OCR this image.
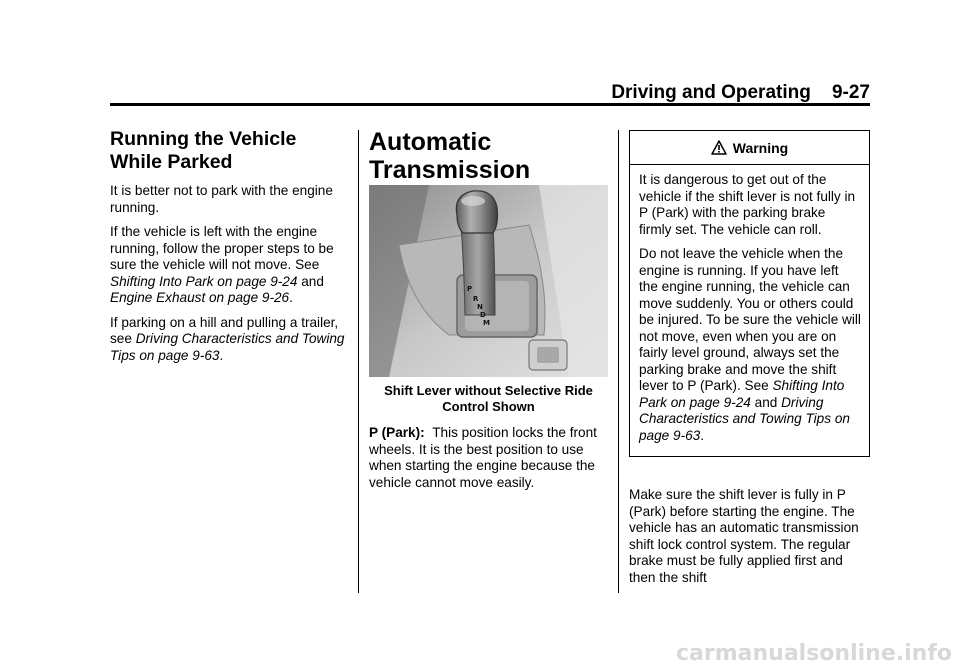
Driving and Operating 9-27
Running the Vehicle
While Parked

It is better not to park with the engine running.

If the vehicle is left with the engine running, follow the proper steps to be sure the vehicle will not move. See Shifting Into Park on page 9-24 and Engine Exhaust on page 9-26.

If parking on a hill and pulling a trailer, see Driving Characteristics and Towing Tips on page 9-63.

Automatic
Transmission
P
R
N
D
M
Shift Lever without Selective Ride Control Shown

P (Park): This position locks the front wheels. It is the best position to use when starting the engine because the vehicle cannot move easily.

Warning

It is dangerous to get out of the vehicle if the shift lever is not fully in P (Park) with the parking brake firmly set. The vehicle can roll.

Do not leave the vehicle when the engine is running. If you have left the engine running, the vehicle can move suddenly. You or others could be injured. To be sure the vehicle will not move, even when you are on fairly level ground, always set the parking brake and move the shift lever to P (Park). See Shifting Into Park on page 9-24 and Driving Characteristics and Towing Tips on page 9-63.

Make sure the shift lever is fully in P (Park) before starting the engine. The vehicle has an automatic transmission shift lock control system. The regular brake must be fully applied first and then the shift

carmanualsonline.info
